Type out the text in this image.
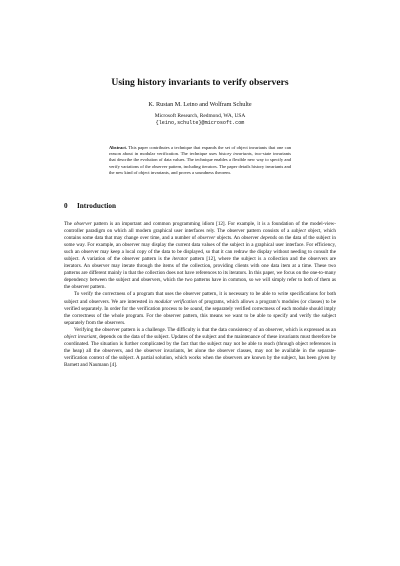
Using history invariants to verify observers
K. Rustan M. Leino and Wolfram Schulte
Microsoft Research, Redmond, WA, USA
{leino,schulte}@microsoft.com
Abstract. This paper contributes a technique that expands the set of object invariants that one can reason about in modular verification. The technique uses history invariants, two-state invariants that describe the evolution of data values. The technique enables a flexible new way to specify and verify variations of the observer pattern, including iterators. The paper details history invariants and the new kind of object invariants, and proves a soundness theorem.
0 Introduction

The observer pattern is an important and common programming idiom [12]. For example, it is a foundation of the model-view-controller paradigm on which all modern graphical user interfaces rely. The observer pattern consists of a subject object, which contains some data that may change over time, and a number of observer objects. An observer depends on the data of the subject in some way. For example, an observer may display the current data values of the subject in a graphical user interface. For efficiency, such an observer may keep a local copy of the data to be displayed, so that it can redraw the display without needing to consult the subject. A variation of the observer pattern is the iterator pattern [12], where the subject is a collection and the observers are iterators. An observer may iterate through the items of the collection, providing clients with one data item at a time. These two patterns are different mainly in that the collection does not have references to its iterators. In this paper, we focus on the one-to-many dependency between the subject and observers, which the two patterns have in common, so we will simply refer to both of them as the observer pattern.

To verify the correctness of a program that uses the observer pattern, it is necessary to be able to write specifications for both subject and observers. We are interested in modular verification of programs, which allows a program’s modules (or classes) to be verified separately. In order for the verification process to be sound, the separately verified correctness of each module should imply the correctness of the whole program. For the observer pattern, this means we want to be able to specify and verify the subject separately from the observers.

Verifying the observer pattern is a challenge. The difficulty is that the data consistency of an observer, which is expressed as an object invariant, depends on the data of the subject. Updates of the subject and the maintenance of these invariants must therefore be coordinated. The situation is further complicated by the fact that the subject may not be able to reach (through object references in the heap) all the observers, and the observer invariants, let alone the observer classes, may not be available in the separate-verification context of the subject. A partial solution, which works when the observers are known by the subject, has been given by Barnett and Naumann [4].
